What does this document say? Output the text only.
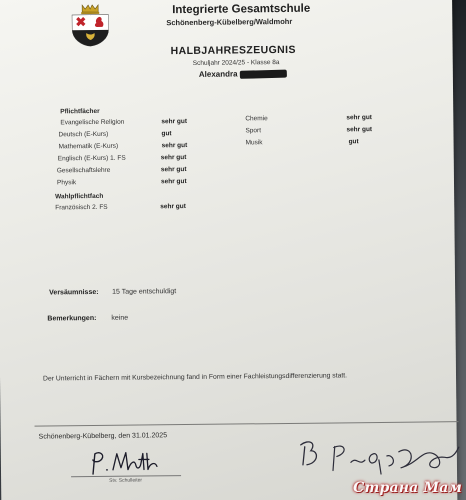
Integrierte Gesamtschule
Schönenberg-Kübelberg/Waldmohr
HALBJAHRESZEUGNIS
Schuljahr 2024/25 - Klasse 8a
Alexandra
Pflichtfächer
Evangelische Religion	sehr gut
Deutsch (E-Kurs)	gut
Mathematik (E-Kurs)	sehr gut
Englisch (E-Kurs) 1. FS	sehr gut
Gesellschaftslehre	sehr gut
Physik	sehr gut
Chemie	sehr gut
Sport	sehr gut
Musik	gut
Wahlpflichtfach
Französisch 2. FS	sehr gut
Versäumnisse: 15 Tage entschuldigt
Bemerkungen: keine
Der Unterricht in Fächern mit Kursbezeichnung fand in Form einer Fachleistungsdifferenzierung statt.
Schönenberg-Kübelberg, den 31.01.2025
Stv. Schulleiter	Страна Мам
